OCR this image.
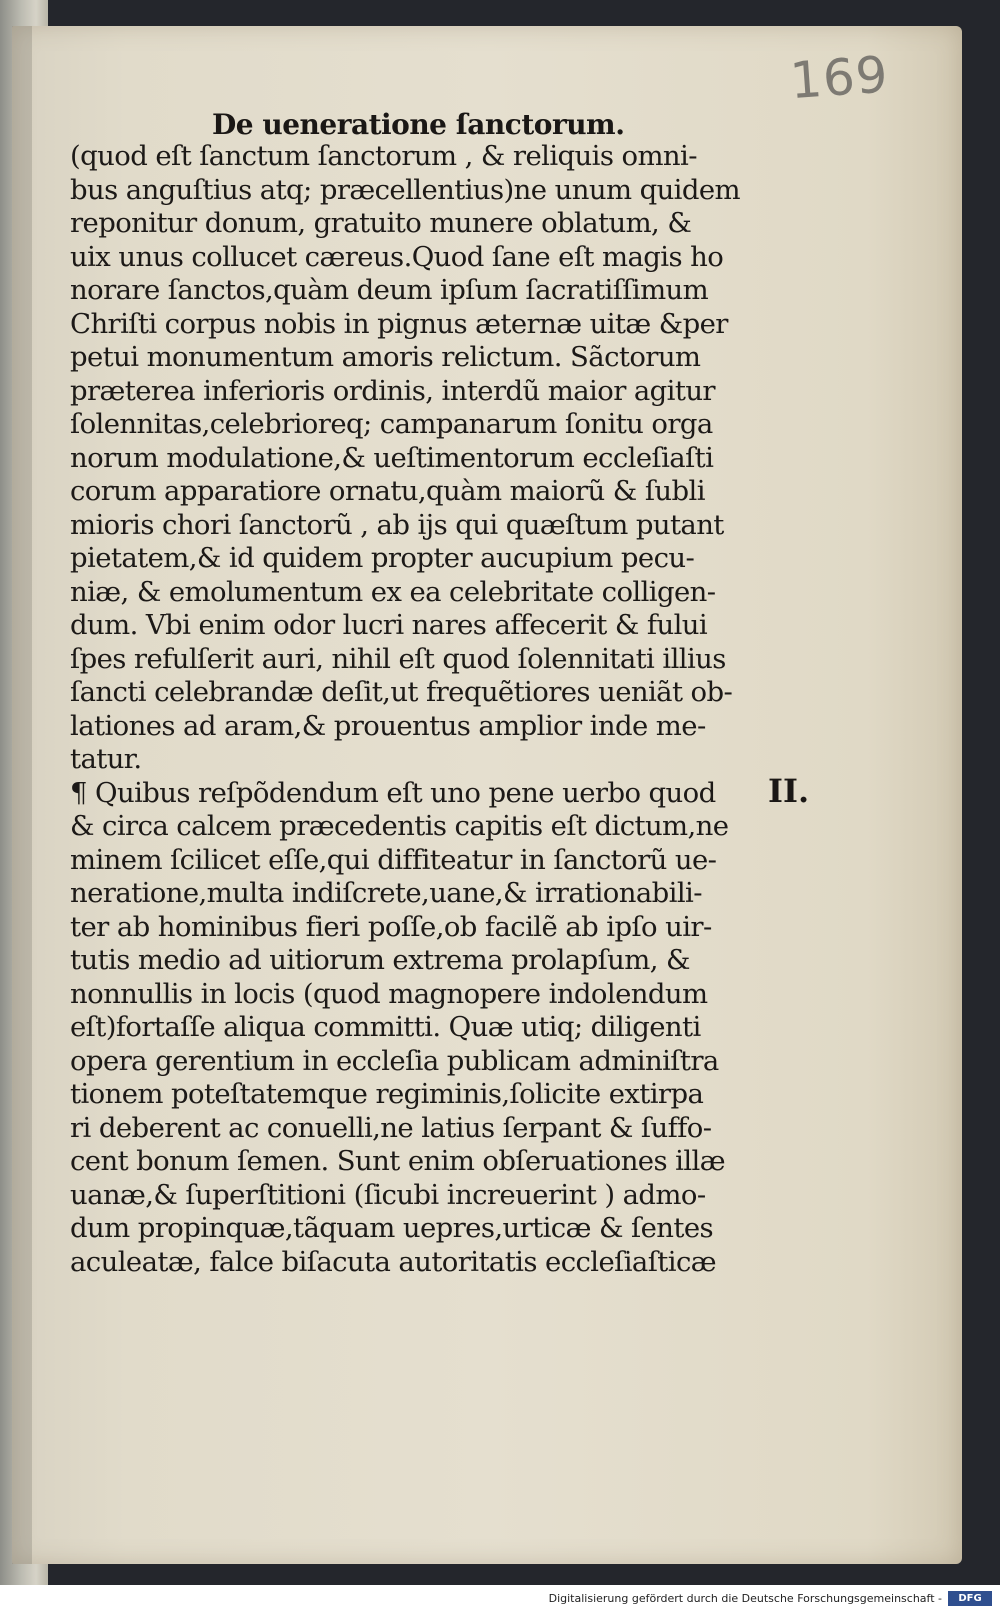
169

De ueneratione ſanctorum.

(quod eſt ſanctum ſanctorum , & reliquis omni-
bus anguſtius atq; præcellentius)ne unum quidem
reponitur donum, gratuito munere oblatum, &
uix unus collucet cæreus.Quod ſane eſt magis ho
norare ſanctos,quàm deum ipſum ſacratiſſimum
Chriſti corpus nobis in pignus æternæ uitæ &per
petui monumentum amoris relictum. Sãctorum
præterea inferioris ordinis, interdũ maior agitur
ſolennitas,celebrioreq; campanarum ſonitu orga
norum modulatione,& ueſtimentorum eccleſiaſti
corum apparatiore ornatu,quàm maiorũ & ſubli
mioris chori ſanctorũ , ab ijs qui quæſtum putant
pietatem,& id quidem propter aucupium pecu-
niæ, & emolumentum ex ea celebritate colligen-
dum. Vbi enim odor lucri nares affecerit & fului
ſpes refulſerit auri, nihil eſt quod ſolennitati illius
ſancti celebrandæ deſit,ut frequẽtiores ueniãt ob-
lationes ad aram,& prouentus amplior inde me-
tatur.
¶ Quibus reſpõdendum eſt uno pene uerbo quod
& circa calcem præcedentis capitis eſt dictum,ne
minem ſcilicet eſſe,qui diffiteatur in ſanctorũ ue-
neratione,multa indiſcrete,uane,& irrationabili-
ter ab hominibus fieri poſſe,ob facilẽ ab ipſo uir-
tutis medio ad uitiorum extrema prolapſum, &
nonnullis in locis (quod magnopere indolendum
eſt)fortaſſe aliqua committi. Quæ utiq; diligenti
opera gerentium in eccleſia publicam adminiſtra
tionem poteſtatemque regiminis,ſolicite extirpa
ri deberent ac conuelli,ne latius ſerpant & ſuffo-
cent bonum ſemen. Sunt enim obſeruationes illæ
uanæ,& ſuperſtitioni (ſicubi increuerint ) admo-
dum propinquæ,tãquam uepres,urticæ & ſentes
aculeatæ, falce biſacuta autoritatis eccleſiaſticæ

II.

Digitalisierung gefördert durch die Deutsche Forschungsgemeinschaft -	DFG
